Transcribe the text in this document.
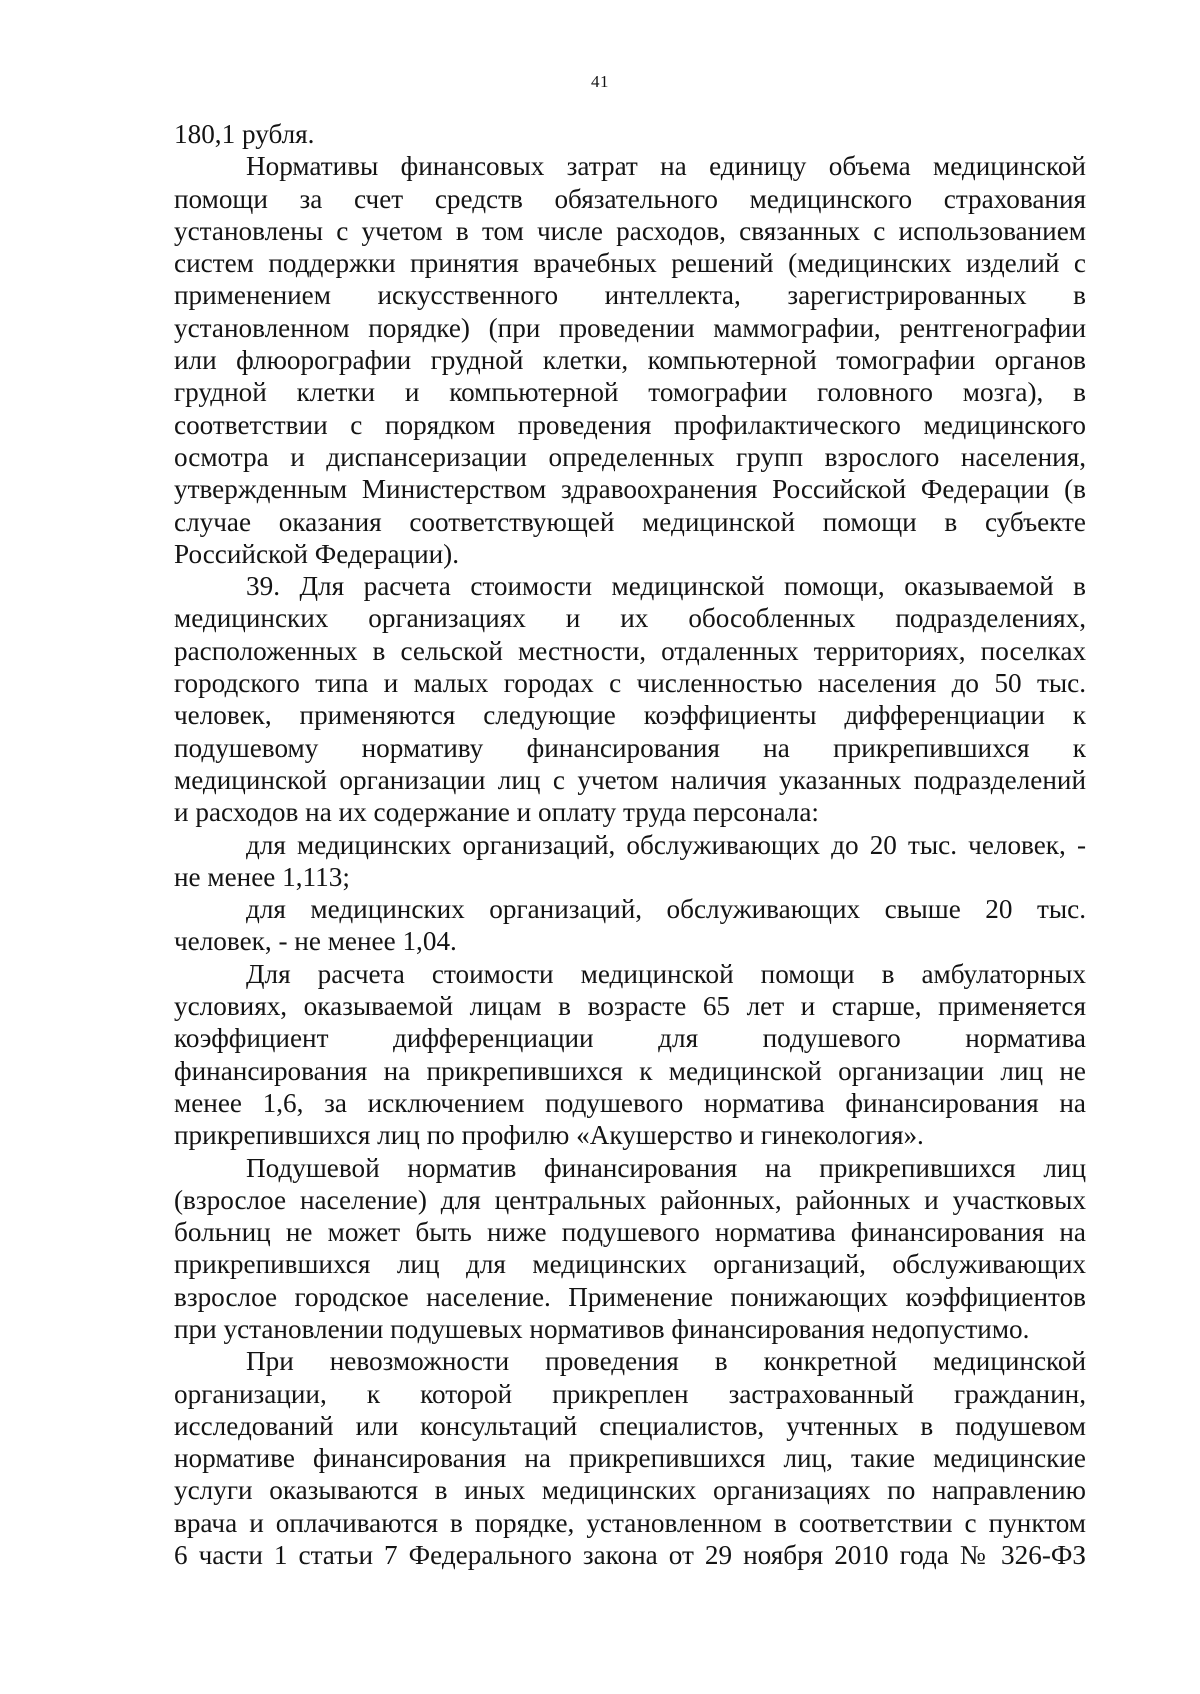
41
180,1 рубля.
Нормативы финансовых затрат на единицу объема медицинской
помощи за счет средств обязательного медицинского страхования
установлены с учетом в том числе расходов, связанных с использованием
систем поддержки принятия врачебных решений (медицинских изделий с
применением искусственного интеллекта, зарегистрированных в
установленном порядке) (при проведении маммографии, рентгенографии
или флюорографии грудной клетки, компьютерной томографии органов
грудной клетки и компьютерной томографии головного мозга), в
соответствии с порядком проведения профилактического медицинского
осмотра и диспансеризации определенных групп взрослого населения,
утвержденным Министерством здравоохранения Российской Федерации (в
случае оказания соответствующей медицинской помощи в субъекте
Российской Федерации).
39. Для расчета стоимости медицинской помощи, оказываемой в
медицинских организациях и их обособленных подразделениях,
расположенных в сельской местности, отдаленных территориях, поселках
городского типа и малых городах с численностью населения до 50 тыс.
человек, применяются следующие коэффициенты дифференциации к
подушевому нормативу финансирования на прикрепившихся к
медицинской организации лиц с учетом наличия указанных подразделений
и расходов на их содержание и оплату труда персонала:
для медицинских организаций, обслуживающих до 20 тыс. человек, -
не менее 1,113;
для медицинских организаций, обслуживающих свыше 20 тыс.
человек, - не менее 1,04.
Для расчета стоимости медицинской помощи в амбулаторных
условиях, оказываемой лицам в возрасте 65 лет и старше, применяется
коэффициент дифференциации для подушевого норматива
финансирования на прикрепившихся к медицинской организации лиц не
менее 1,6, за исключением подушевого норматива финансирования на
прикрепившихся лиц по профилю «Акушерство и гинекология».
Подушевой норматив финансирования на прикрепившихся лиц
(взрослое население) для центральных районных, районных и участковых
больниц не может быть ниже подушевого норматива финансирования на
прикрепившихся лиц для медицинских организаций, обслуживающих
взрослое городское население. Применение понижающих коэффициентов
при установлении подушевых нормативов финансирования недопустимо.
При невозможности проведения в конкретной медицинской
организации, к которой прикреплен застрахованный гражданин,
исследований или консультаций специалистов, учтенных в подушевом
нормативе финансирования на прикрепившихся лиц, такие медицинские
услуги оказываются в иных медицинских организациях по направлению
врача и оплачиваются в порядке, установленном в соответствии с пунктом
6 части 1 статьи 7 Федерального закона от 29 ноября 2010 года № 326-ФЗ
